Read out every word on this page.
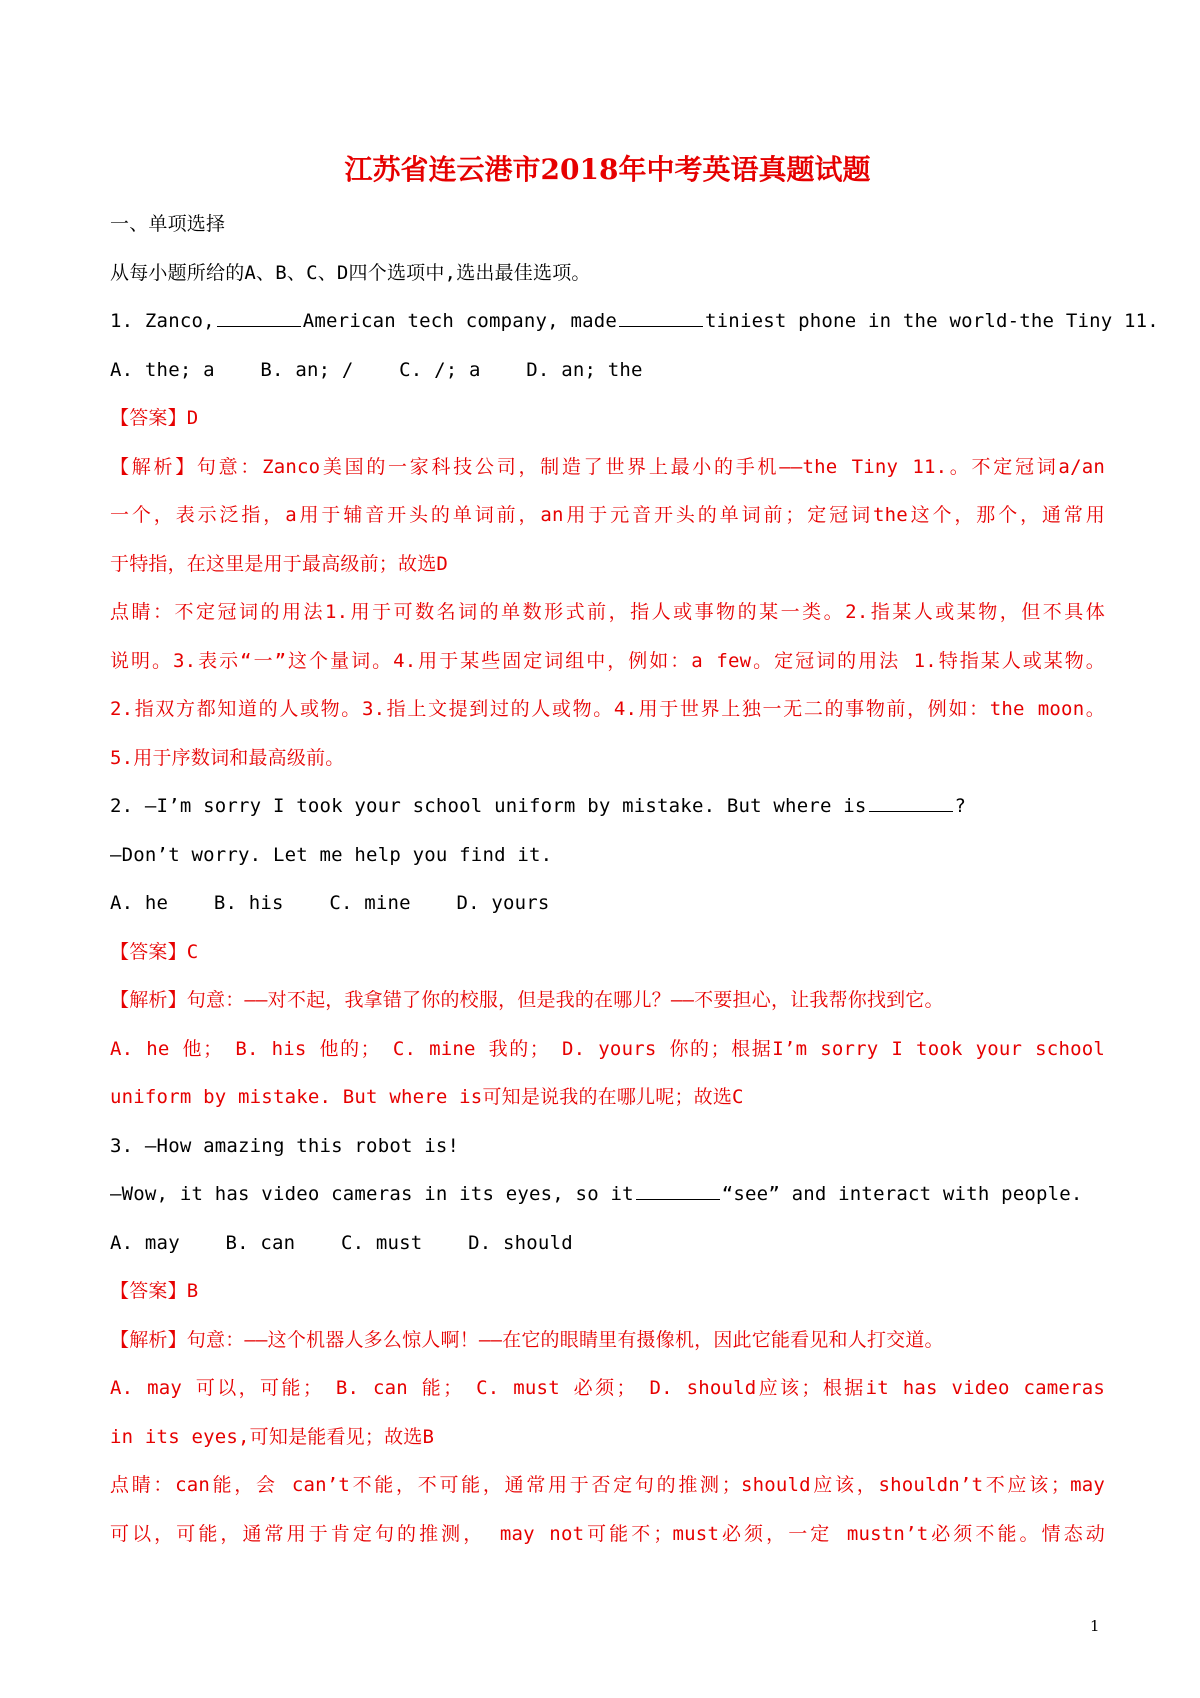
江苏省连云港市2018年中考英语真题试题
一、单项选择
从每小题所给的A、B、C、D四个选项中,选出最佳选项。
1. Zanco,	American tech company, made	tiniest phone in the world-the Tiny 11.
A. the; a B. an; / C. /; a D. an; the
【答案】D
【解析】句意：Zanco美国的一家科技公司，制造了世界上最小的手机——the Tiny 11.。不定冠词a/an
一个，表示泛指，a用于辅音开头的单词前，an用于元音开头的单词前；定冠词the这个，那个，通常用
于特指，在这里是用于最高级前；故选D
点睛：不定冠词的用法1.用于可数名词的单数形式前，指人或事物的某一类。2.指某人或某物，但不具体
说明。3.表示“一”这个量词。4.用于某些固定词组中，例如：a few。定冠词的用法 1.特指某人或某物。
2.指双方都知道的人或物。3.指上文提到过的人或物。4.用于世界上独一无二的事物前，例如：the moon。
5.用于序数词和最高级前。
2. —I’m sorry I took your school uniform by mistake. But where is	?
—Don’t worry. Let me help you find it.
A. he B. his C. mine D. yours
【答案】C
【解析】句意：——对不起，我拿错了你的校服，但是我的在哪儿？——不要担心，让我帮你找到它。
A. he 他； B. his 他的； C. mine 我的； D. yours 你的；根据I’m sorry I took your school
uniform by mistake. But where is可知是说我的在哪儿呢；故选C
3. —How amazing this robot is!
—Wow, it has video cameras in its eyes, so it	“see” and interact with people.
A. may B. can C. must D. should
【答案】B
【解析】句意：——这个机器人多么惊人啊！——在它的眼睛里有摄像机，因此它能看见和人打交道。
A. may 可以，可能； B. can 能； C. must 必须； D. should应该；根据it has video cameras
in its eyes,可知是能看见；故选B
点睛：can能，会 can’t不能，不可能，通常用于否定句的推测；should应该，shouldn’t不应该；may
可以，可能，通常用于肯定句的推测， may not可能不；must必须，一定 mustn’t必须不能。情态动
1
